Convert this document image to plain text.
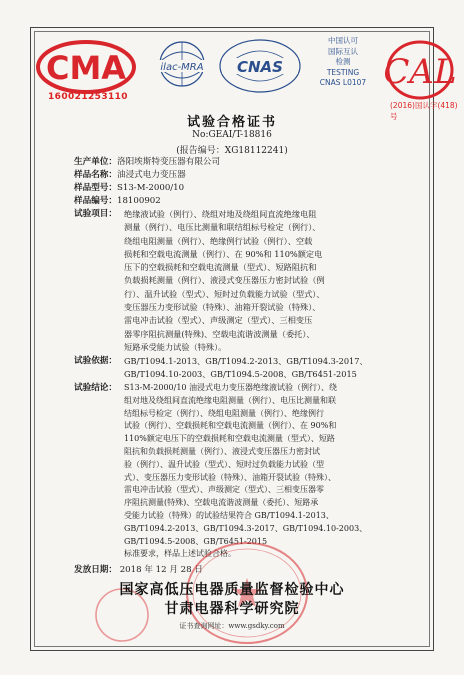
CMA
160021253110
ilac-MRA CNAS
中国认可
国际互认
检测
TESTING
CNAS L0107 CAL
(2016)国认字(418)号
试验合格证书
No:GEAI/T-18816
(报告编号：XG18112241)
生产单位： 洛阳埃斯特变压器有限公司
样品名称： 油浸式电力变压器
样品型号： S13-M-2000/10
样品编号： 18100902
试验项目： 绝缘液试验（例行）、绕组对地及绕组间直流绝缘电阻
测量（例行）、电压比测量和联结组标号检定（例行）、
绕组电阻测量（例行）、绝缘例行试验（例行）、空载
损耗和空载电流测量（例行）、在 90%和 110%额定电
压下的空载损耗和空载电流测量（型式）、短路阻抗和
负载损耗测量（例行）、液浸式变压器压力密封试验（例
行）、温升试验（型式）、短时过负载能力试验（型式）、
变压器压力变形试验（特殊）、油箱开裂试验（特殊）、
雷电冲击试验（型式）、声级测定（型式）、三相变压
器零序阻抗测量(特殊)、空载电流谐波测量（委托）、
短路承受能力试验（特殊）。
试验依据： GB/T1094.1-2013、GB/T1094.2-2013、GB/T1094.3-2017、
GB/T1094.10-2003、GB/T1094.5-2008、GB/T6451-2015
试验结论： S13-M-2000/10 油浸式电力变压器绝缘液试验（例行）、绕
组对地及绕组间直流绝缘电阻测量（例行）、电压比测量和联
结组标号检定（例行）、绕组电阻测量（例行）、绝缘例行
试验（例行）、空载损耗和空载电流测量（例行）、在 90%和
110%额定电压下的空载损耗和空载电流测量（型式）、短路
阻抗和负载损耗测量（例行）、液浸式变压器压力密封试
验（例行）、温升试验（型式）、短时过负载能力试验（型
式）、变压器压力变形试验（特殊）、油箱开裂试验（特殊）、
雷电冲击试验（型式）、声级测定（型式）、三相变压器零
序阻抗测量(特殊)、空载电流谐波测量（委托）、短路承
受能力试验（特殊）的试验结果符合 GB/T1094.1-2013、
GB/T1094.2-2013、GB/T1094.3-2017、GB/T1094.10-2003、
GB/T1094.5-2008、GB/T6451-2015
标准要求，样品上述试验合格。
发放日期： 2018 年 12 月 28 日
国家高低压电器质量监督检验中心
甘肃电器科学研究院
证书查询网址：www.gsdky.com
